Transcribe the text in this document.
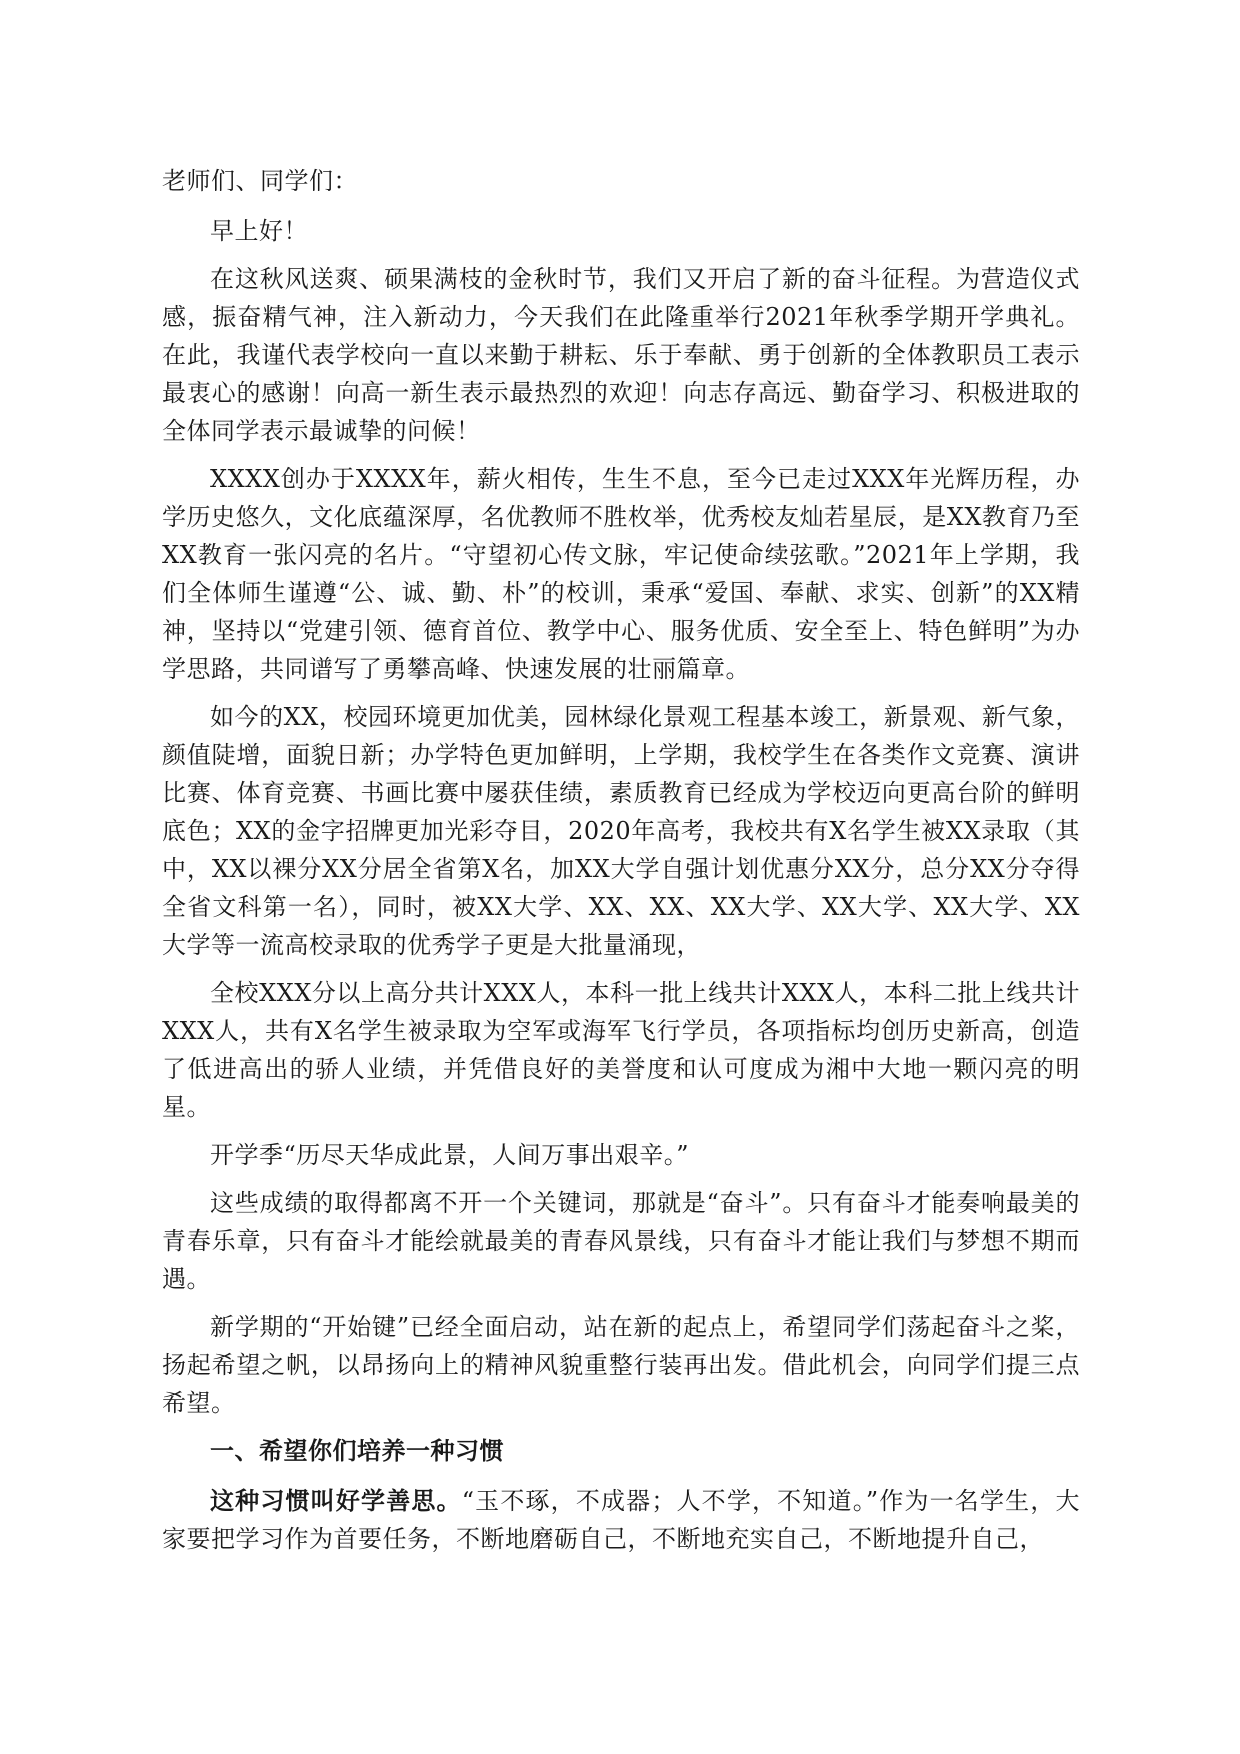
老师们、同学们：

早上好！

在这秋风送爽、硕果满枝的金秋时节，我们又开启了新的奋斗征程。为营造仪式感，振奋精气神，注入新动力，今天我们在此隆重举行2021年秋季学期开学典礼。在此，我谨代表学校向一直以来勤于耕耘、乐于奉献、勇于创新的全体教职员工表示最衷心的感谢！向高一新生表示最热烈的欢迎！向志存高远、勤奋学习、积极进取的全体同学表示最诚挚的问候！

XXXX创办于XXXX年，薪火相传，生生不息，至今已走过XXX年光辉历程，办学历史悠久，文化底蕴深厚，名优教师不胜枚举，优秀校友灿若星辰，是XX教育乃至XX教育一张闪亮的名片。“守望初心传文脉，牢记使命续弦歌。”2021年上学期，我们全体师生谨遵“公、诚、勤、朴”的校训，秉承“爱国、奉献、求实、创新”的XX精神，坚持以“党建引领、德育首位、教学中心、服务优质、安全至上、特色鲜明”为办学思路，共同谱写了勇攀高峰、快速发展的壮丽篇章。

如今的XX，校园环境更加优美，园林绿化景观工程基本竣工，新景观、新气象，颜值陡增，面貌日新；办学特色更加鲜明，上学期，我校学生在各类作文竞赛、演讲比赛、体育竞赛、书画比赛中屡获佳绩，素质教育已经成为学校迈向更高台阶的鲜明底色；XX的金字招牌更加光彩夺目，2020年高考，我校共有X名学生被XX录取（其中，XX以裸分XX分居全省第X名，加XX大学自强计划优惠分XX分，总分XX分夺得全省文科第一名），同时，被XX大学、XX、XX、XX大学、XX大学、XX大学、XX大学等一流高校录取的优秀学子更是大批量涌现，

全校XXX分以上高分共计XXX人，本科一批上线共计XXX人，本科二批上线共计XXX人，共有X名学生被录取为空军或海军飞行学员，各项指标均创历史新高，创造了低进高出的骄人业绩，并凭借良好的美誉度和认可度成为湘中大地一颗闪亮的明星。

开学季“历尽天华成此景，人间万事出艰辛。”

这些成绩的取得都离不开一个关键词，那就是“奋斗”。只有奋斗才能奏响最美的青春乐章，只有奋斗才能绘就最美的青春风景线，只有奋斗才能让我们与梦想不期而遇。

新学期的“开始键”已经全面启动，站在新的起点上，希望同学们荡起奋斗之桨，扬起希望之帆，以昂扬向上的精神风貌重整行装再出发。借此机会，向同学们提三点希望。

一、希望你们培养一种习惯

这种习惯叫好学善思。“玉不琢，不成器；人不学，不知道。”作为一名学生，大家要把学习作为首要任务，不断地磨砺自己，不断地充实自己，不断地提升自己，
